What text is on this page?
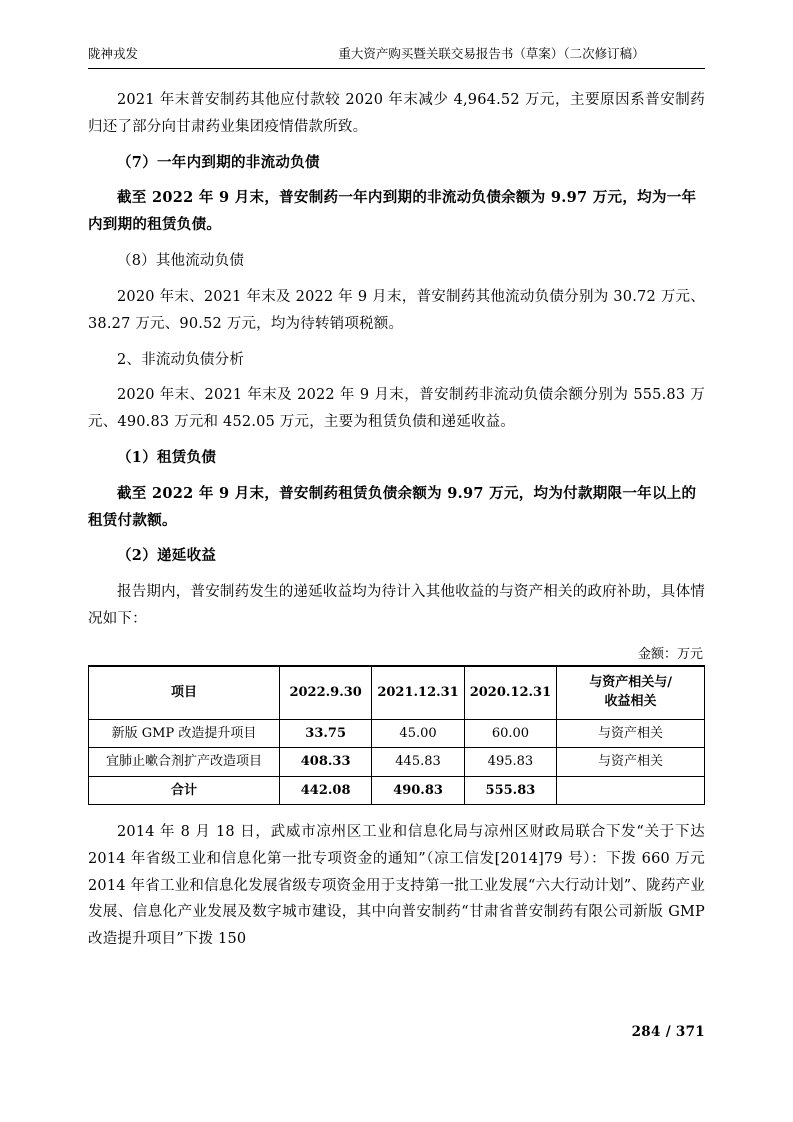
陇神戎发	重大资产购买暨关联交易报告书（草案）（二次修订稿）

2021 年末普安制药其他应付款较 2020 年末减少 4,964.52 万元，主要原因系普安制药归还了部分向甘肃药业集团疫情借款所致。

（7）一年内到期的非流动负债

截至 2022 年 9 月末，普安制药一年内到期的非流动负债余额为 9.97 万元，均为一年内到期的租赁负债。

（8）其他流动负债

2020 年末、2021 年末及 2022 年 9 月末，普安制药其他流动负债分别为 30.72 万元、38.27 万元、90.52 万元，均为待转销项税额。

2、非流动负债分析

2020 年末、2021 年末及 2022 年 9 月末，普安制药非流动负债余额分别为 555.83 万元、490.83 万元和 452.05 万元，主要为租赁负债和递延收益。

（1）租赁负债

截至 2022 年 9 月末，普安制药租赁负债余额为 9.97 万元，均为付款期限一年以上的租赁付款额。

（2）递延收益

报告期内，普安制药发生的递延收益均为待计入其他收益的与资产相关的政府补助，具体情况如下：

金额：万元
项目	2022.9.30	2021.12.31	2020.12.31	与资产相关与/
收益相关
新版 GMP 改造提升项目	33.75	45.00	60.00	与资产相关
宜肺止嗽合剂扩产改造项目	408.33	445.83	495.83	与资产相关
合计	442.08	490.83	555.83	

2014 年 8 月 18 日，武威市凉州区工业和信息化局与凉州区财政局联合下发“关于下达 2014 年省级工业和信息化第一批专项资金的通知”（凉工信发[2014]79 号）：下拨 660 万元 2014 年省工业和信息化发展省级专项资金用于支持第一批工业发展“六大行动计划”、陇药产业发展、信息化产业发展及数字城市建设，其中向普安制药“甘肃省普安制药有限公司新版 GMP 改造提升项目”下拨 150

284 / 371
